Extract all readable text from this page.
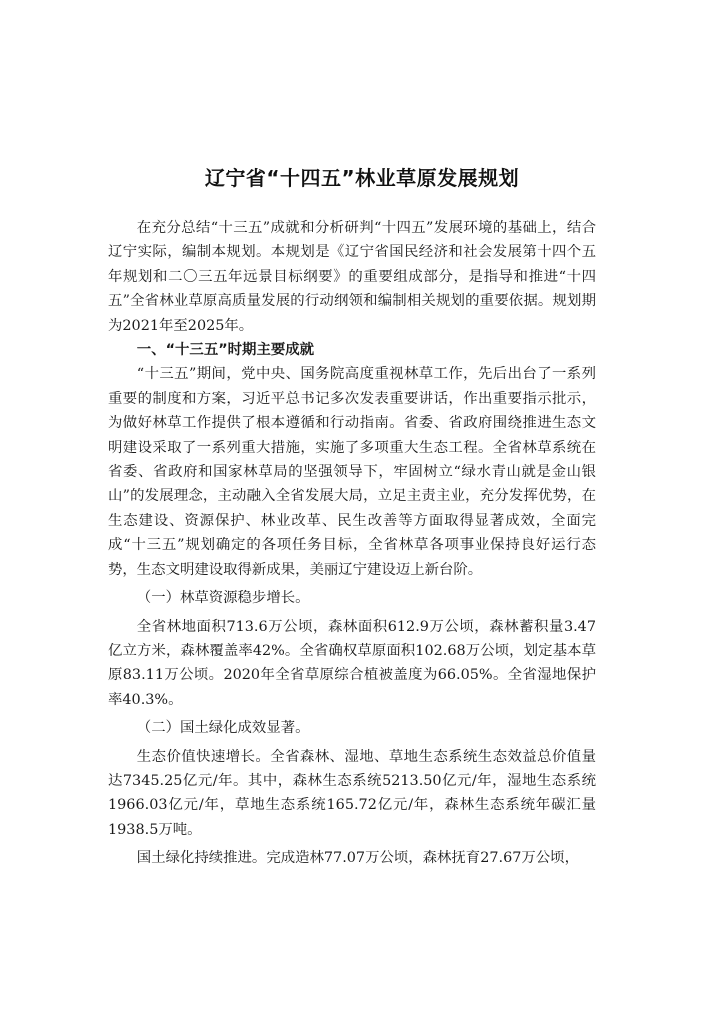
辽宁省“十四五”林业草原发展规划

在充分总结“十三五”成就和分析研判“十四五”发展环境的基础上，结合辽宁实际，编制本规划。本规划是《辽宁省国民经济和社会发展第十四个五年规划和二〇三五年远景目标纲要》的重要组成部分，是指导和推进“十四五”全省林业草原高质量发展的行动纲领和编制相关规划的重要依据。规划期为2021年至2025年。

一、“十三五”时期主要成就

“十三五”期间，党中央、国务院高度重视林草工作，先后出台了一系列重要的制度和方案，习近平总书记多次发表重要讲话，作出重要指示批示，为做好林草工作提供了根本遵循和行动指南。省委、省政府围绕推进生态文明建设采取了一系列重大措施，实施了多项重大生态工程。全省林草系统在省委、省政府和国家林草局的坚强领导下，牢固树立“绿水青山就是金山银山”的发展理念，主动融入全省发展大局，立足主责主业，充分发挥优势，在生态建设、资源保护、林业改革、民生改善等方面取得显著成效，全面完成“十三五”规划确定的各项任务目标，全省林草各项事业保持良好运行态势，生态文明建设取得新成果，美丽辽宁建设迈上新台阶。

（一）林草资源稳步增长。

全省林地面积713.6万公顷，森林面积612.9万公顷，森林蓄积量3.47亿立方米，森林覆盖率42%。全省确权草原面积102.68万公顷，划定基本草原83.11万公顷。2020年全省草原综合植被盖度为66.05%。全省湿地保护率40.3%。

（二）国土绿化成效显著。

生态价值快速增长。全省森林、湿地、草地生态系统生态效益总价值量达7345.25亿元/年。其中，森林生态系统5213.50亿元/年，湿地生态系统1966.03亿元/年，草地生态系统165.72亿元/年，森林生态系统年碳汇量1938.5万吨。

国土绿化持续推进。完成造林77.07万公顷，森林抚育27.67万公顷，
